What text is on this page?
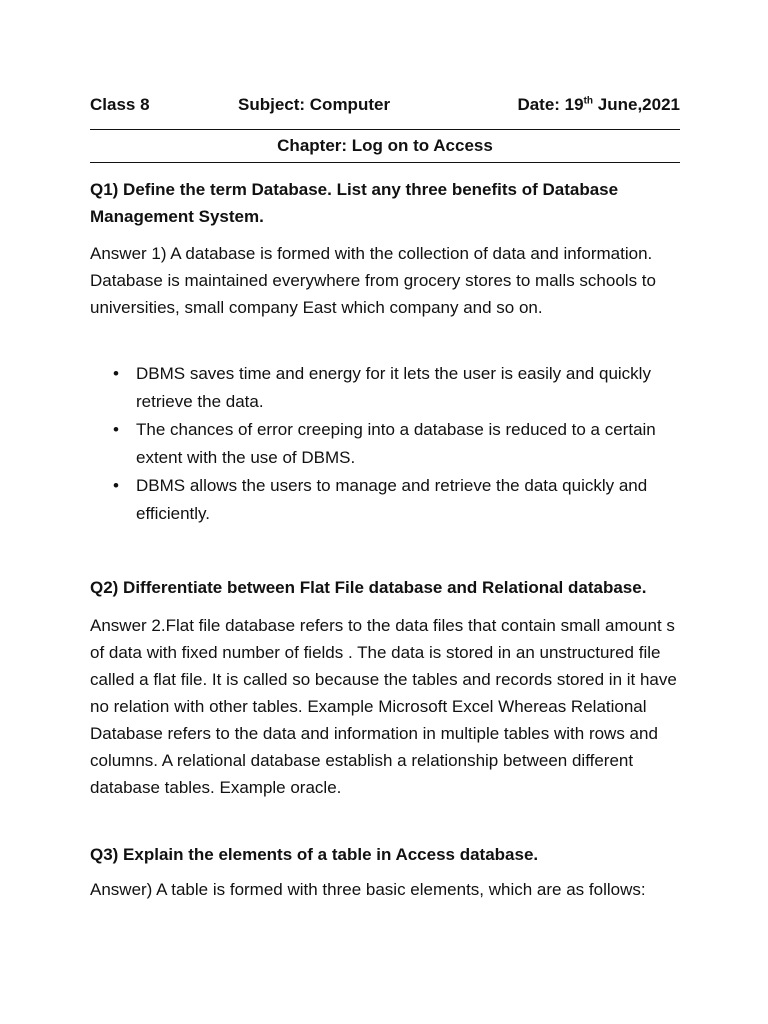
Class 8	Subject: Computer	Date: 19th June,2021
Chapter: Log on to Access
Q1) Define the term Database. List any three benefits of Database Management System.
Answer 1) A database is formed with the collection of data and information. Database is maintained everywhere from grocery stores to malls schools to universities, small company East which company and so on.
• DBMS saves time and energy for it lets the user is easily and quickly retrieve the data.
• The chances of error creeping into a database is reduced to a certain extent with the use of DBMS.
• DBMS allows the users to manage and retrieve the data quickly and efficiently.
Q2) Differentiate between Flat File database and Relational database.
Answer 2.Flat file database refers to the data files that contain small amount s of data with fixed number of fields . The data is stored in an unstructured file called a flat file. It is called so because the tables and records stored in it have no relation with other tables. Example Microsoft Excel Whereas Relational Database refers to the data and information in multiple tables with rows and columns. A relational database establish a relationship between different database tables. Example oracle.
Q3) Explain the elements of a table in Access database.
Answer) A table is formed with three basic elements, which are as follows:
